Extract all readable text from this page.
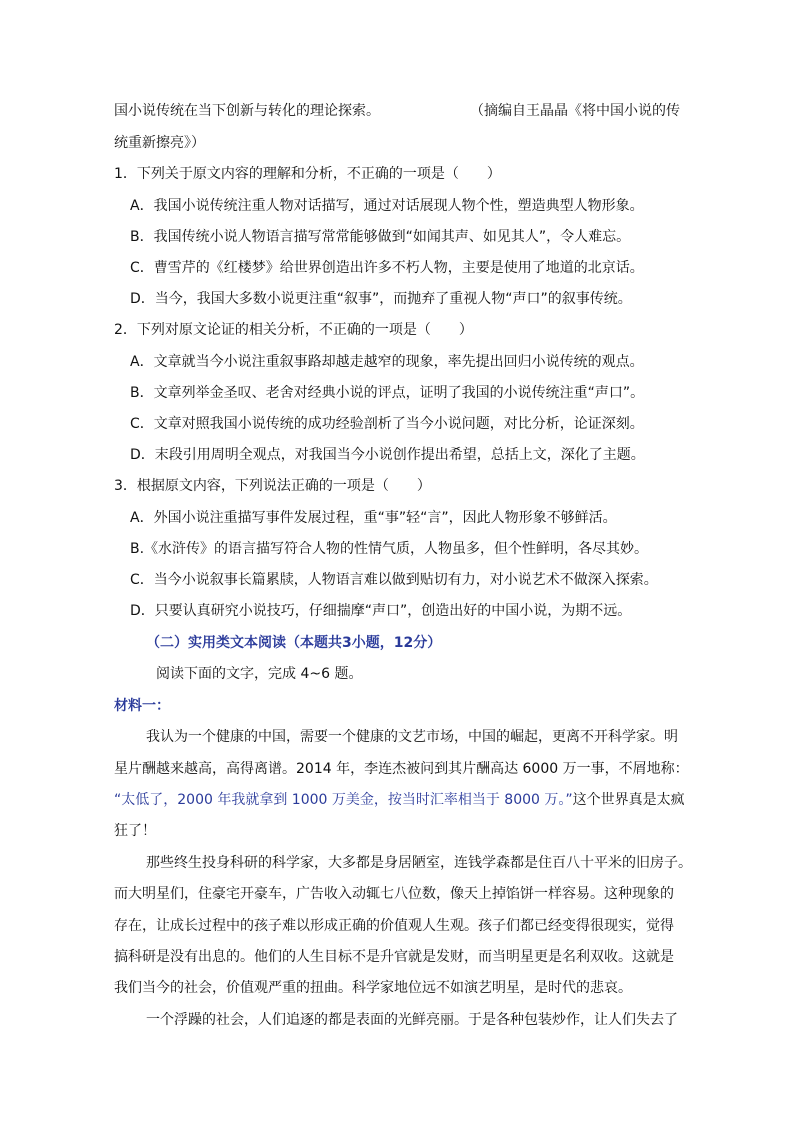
国小说传统在当下创新与转化的理论探索。	（摘编自王晶晶《将中国小说的传
统重新擦亮》）
1．下列关于原文内容的理解和分析，不正确的一项是（　　）
A．我国小说传统注重人物对话描写，通过对话展现人物个性，塑造典型人物形象。
B．我国传统小说人物语言描写常常能够做到“如闻其声、如见其人”，令人难忘。
C．曹雪芹的《红楼梦》给世界创造出许多不朽人物，主要是使用了地道的北京话。
D．当今，我国大多数小说更注重“叙事”，而抛弃了重视人物“声口”的叙事传统。
2．下列对原文论证的相关分析，不正确的一项是（　　）
A．文章就当今小说注重叙事路却越走越窄的现象，率先提出回归小说传统的观点。
B．文章列举金圣叹、老舍对经典小说的评点，证明了我国的小说传统注重“声口”。
C．文章对照我国小说传统的成功经验剖析了当今小说问题，对比分析，论证深刻。
D．末段引用周明全观点，对我国当今小说创作提出希望，总括上文，深化了主题。
3．根据原文内容，下列说法正确的一项是（　　）
A．外国小说注重描写事件发展过程，重“事”轻“言”，因此人物形象不够鲜活。
B.《水浒传》的语言描写符合人物的性情气质，人物虽多，但个性鲜明，各尽其妙。
C．当今小说叙事长篇累牍，人物语言难以做到贴切有力，对小说艺术不做深入探索。
D．只要认真研究小说技巧，仔细揣摩“声口”，创造出好的中国小说，为期不远。
（二）实用类文本阅读（本题共3小题，12分）
阅读下面的文字，完成 4~6 题。
材料一：
我认为一个健康的中国，需要一个健康的文艺市场，中国的崛起，更离不开科学家。明
星片酬越来越高，高得离谱。2014 年，李连杰被问到其片酬高达 6000 万一事，不屑地称：
“太低了，2000 年我就拿到 1000 万美金，按当时汇率相当于 8000 万。”这个世界真是太疯
狂了！
那些终生投身科研的科学家，大多都是身居陋室，连钱学森都是住百八十平米的旧房子。
而大明星们，住豪宅开豪车，广告收入动辄七八位数，像天上掉馅饼一样容易。这种现象的
存在，让成长过程中的孩子难以形成正确的价值观人生观。孩子们都已经变得很现实，觉得
搞科研是没有出息的。他们的人生目标不是升官就是发财，而当明星更是名利双收。这就是
我们当今的社会，价值观严重的扭曲。科学家地位远不如演艺明星，是时代的悲哀。
一个浮躁的社会，人们追逐的都是表面的光鲜亮丽。于是各种包装炒作，让人们失去了
